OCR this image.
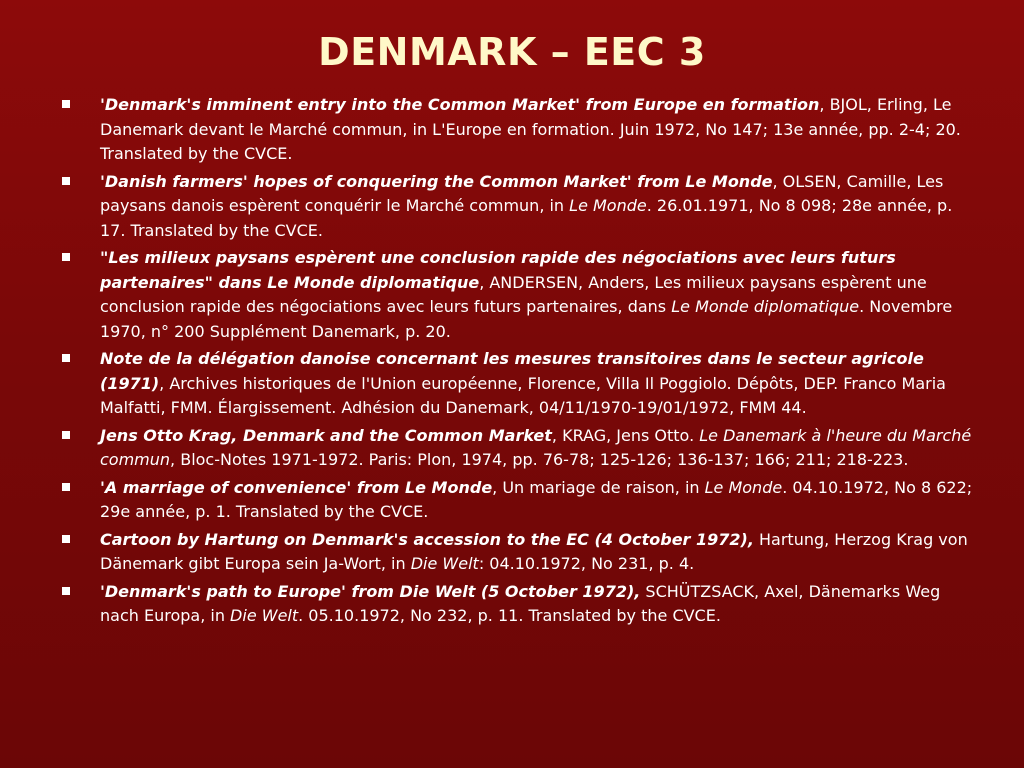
DENMARK – EEC 3
'Denmark's imminent entry into the Common Market' from Europe en formation, BJOL, Erling, Le Danemark devant le Marché commun, in L'Europe en formation. Juin 1972, No 147; 13e année, pp. 2-4; 20. Translated by the CVCE.
'Danish farmers' hopes of conquering the Common Market' from Le Monde, OLSEN, Camille, Les paysans danois espèrent conquérir le Marché commun, in Le Monde. 26.01.1971, No 8 098; 28e année, p. 17. Translated by the CVCE.
"Les milieux paysans espèrent une conclusion rapide des négociations avec leurs futurs partenaires" dans Le Monde diplomatique, ANDERSEN, Anders, Les milieux paysans espèrent une conclusion rapide des négociations avec leurs futurs partenaires, dans Le Monde diplomatique. Novembre 1970, n° 200 Supplément Danemark, p. 20.
Note de la délégation danoise concernant les mesures transitoires dans le secteur agricole (1971), Archives historiques de l'Union européenne, Florence, Villa Il Poggiolo. Dépôts, DEP. Franco Maria Malfatti, FMM. Élargissement. Adhésion du Danemark, 04/11/1970-19/01/1972, FMM 44.
Jens Otto Krag, Denmark and the Common Market, KRAG, Jens Otto. Le Danemark à l'heure du Marché commun, Bloc-Notes 1971-1972. Paris: Plon, 1974, pp. 76-78; 125-126; 136-137; 166; 211; 218-223.
'A marriage of convenience' from Le Monde, Un mariage de raison, in Le Monde. 04.10.1972, No 8 622; 29e année, p. 1. Translated by the CVCE.
Cartoon by Hartung on Denmark's accession to the EC (4 October 1972), Hartung, Herzog Krag von Dänemark gibt Europa sein Ja-Wort, in Die Welt: 04.10.1972, No 231, p. 4.
'Denmark's path to Europe' from Die Welt (5 October 1972), SCHÜTZSACK, Axel, Dänemarks Weg nach Europa, in Die Welt. 05.10.1972, No 232, p. 11. Translated by the CVCE.
